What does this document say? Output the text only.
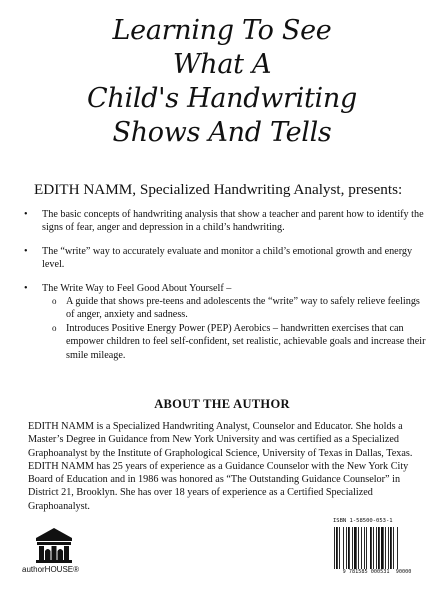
Learning To See
What A
Child's Handwriting
Shows And Tells
EDITH NAMM, Specialized Handwriting Analyst, presents:
• The basic concepts of handwriting analysis that show a teacher and parent how to identify the signs of fear, anger and depression in a child’s handwriting.
• The “write” way to accurately evaluate and monitor a child’s emotional growth and energy level.
• The Write Way to Feel Good About Yourself –
o A guide that shows pre-teens and adolescents the “write” way to safely relieve feelings of anger, anxiety and sadness.
o Introduces Positive Energy Power (PEP) Aerobics – handwritten exercises that can empower children to feel self-confident, set realistic, achievable goals and increase their smile mileage.
ABOUT THE AUTHOR

EDITH NAMM is a Specialized Handwriting Analyst, Counselor and Educator. She holds a Master’s Degree in Guidance from New York University and was certified as a Specialized Graphoanalyst by the Institute of Graphological Science, University of Texas in Dallas, Texas. EDITH NAMM has 25 years of experience as a Guidance Counselor with the New York City Board of Education and in 1986 was honored as “The Outstanding Guidance Counselor” in District 21, Brooklyn. She has over 18 years of experience as a Certified Specialized Graphoanalyst.

authorHOUSE®
ISBN 1-58500-053-1
9 781585 000531 90000
